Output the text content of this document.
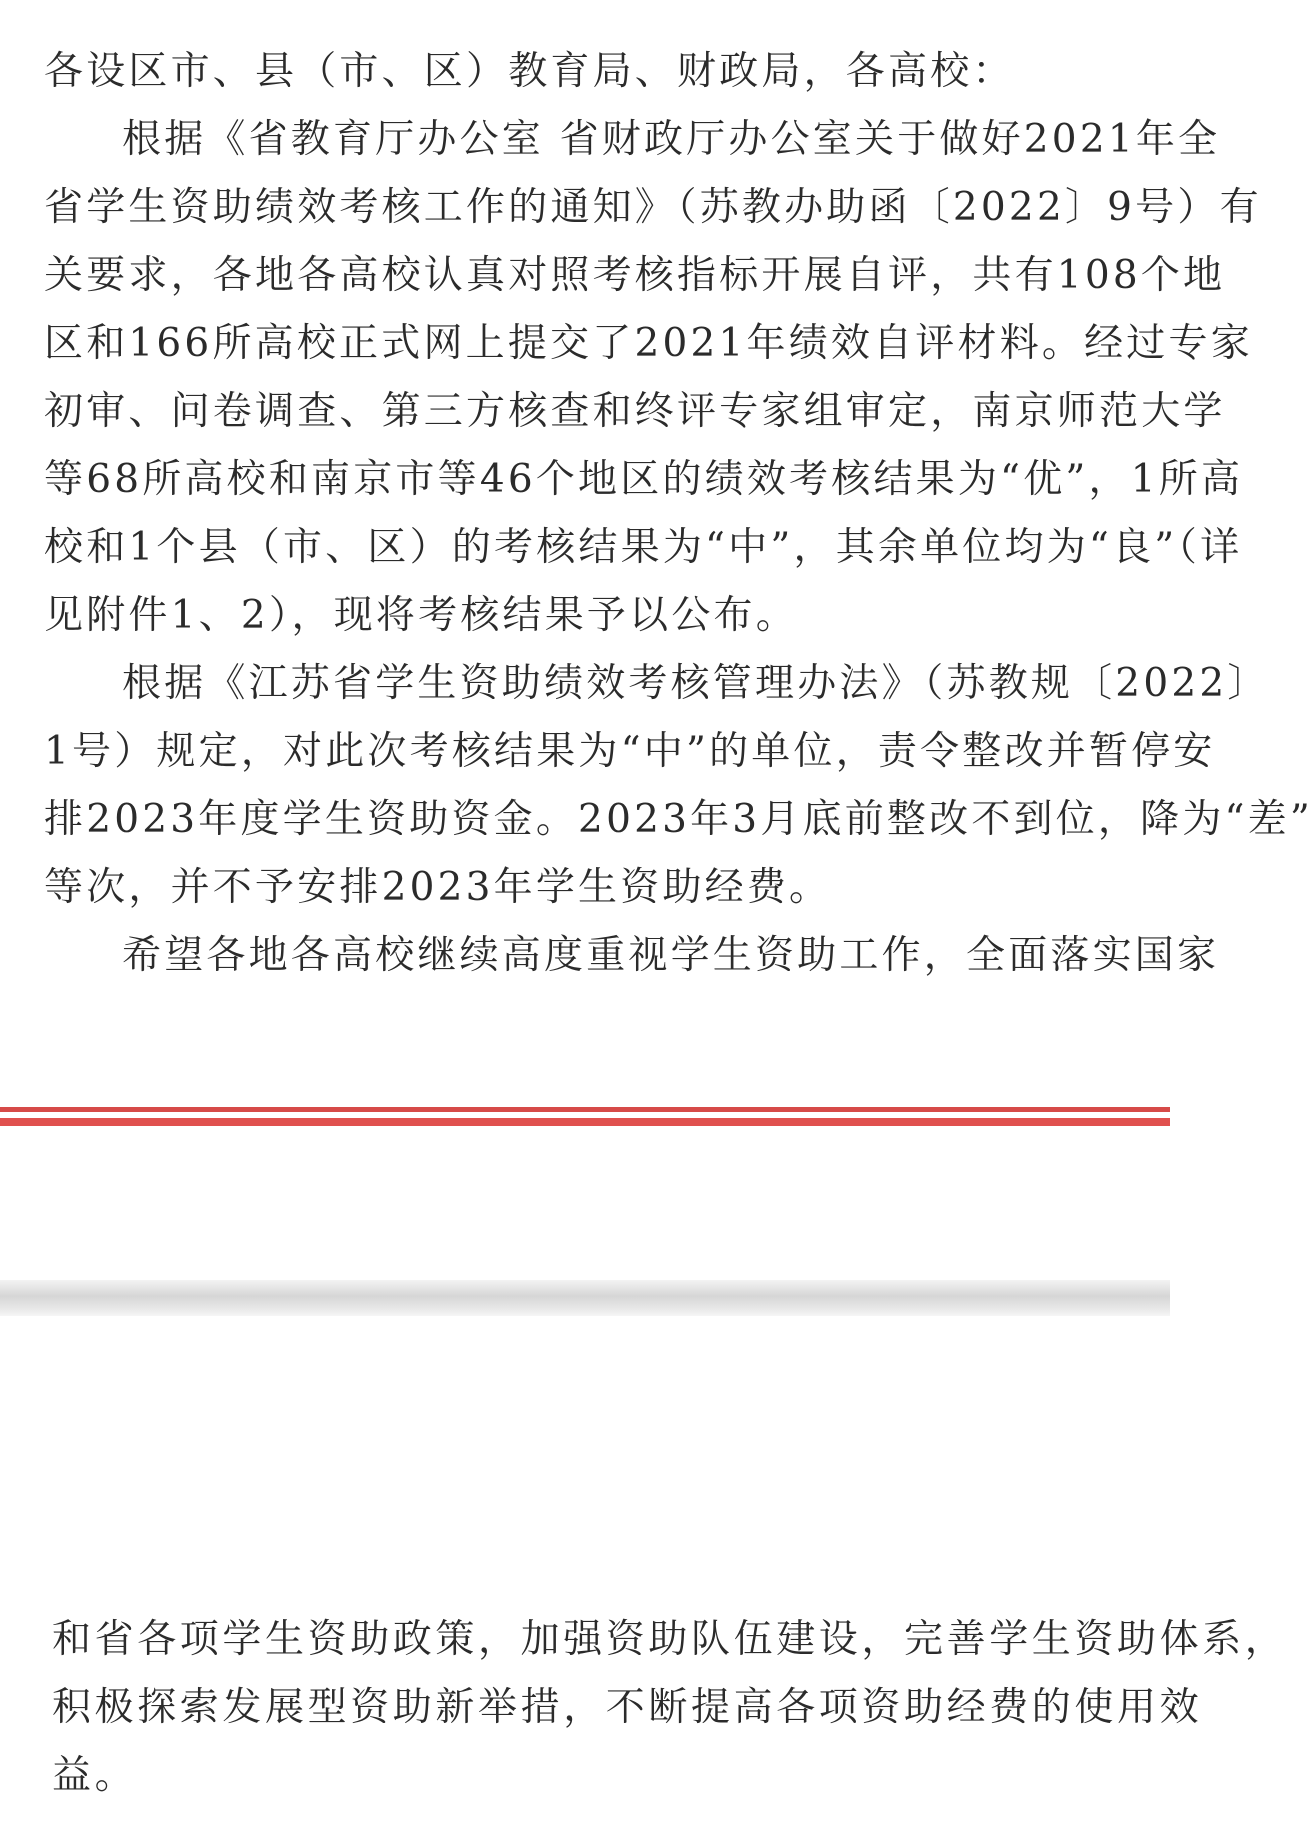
各设区市、县（市、区）教育局、财政局，各高校：
根据《省教育厅办公室 省财政厅办公室关于做好2021年全
省学生资助绩效考核工作的通知》（苏教办助函〔2022〕9号）有
关要求，各地各高校认真对照考核指标开展自评，共有108个地
区和166所高校正式网上提交了2021年绩效自评材料。经过专家
初审、问卷调查、第三方核查和终评专家组审定，南京师范大学
等68所高校和南京市等46个地区的绩效考核结果为“优”，1所高
校和1个县（市、区）的考核结果为“中”，其余单位均为“良”（详
见附件1、2），现将考核结果予以公布。
根据《江苏省学生资助绩效考核管理办法》（苏教规〔2022〕
1号）规定，对此次考核结果为“中”的单位，责令整改并暂停安
排2023年度学生资助资金。2023年3月底前整改不到位，降为“差”
等次，并不予安排2023年学生资助经费。
希望各地各高校继续高度重视学生资助工作，全面落实国家
和省各项学生资助政策，加强资助队伍建设，完善学生资助体系，
积极探索发展型资助新举措，不断提高各项资助经费的使用效
益。
